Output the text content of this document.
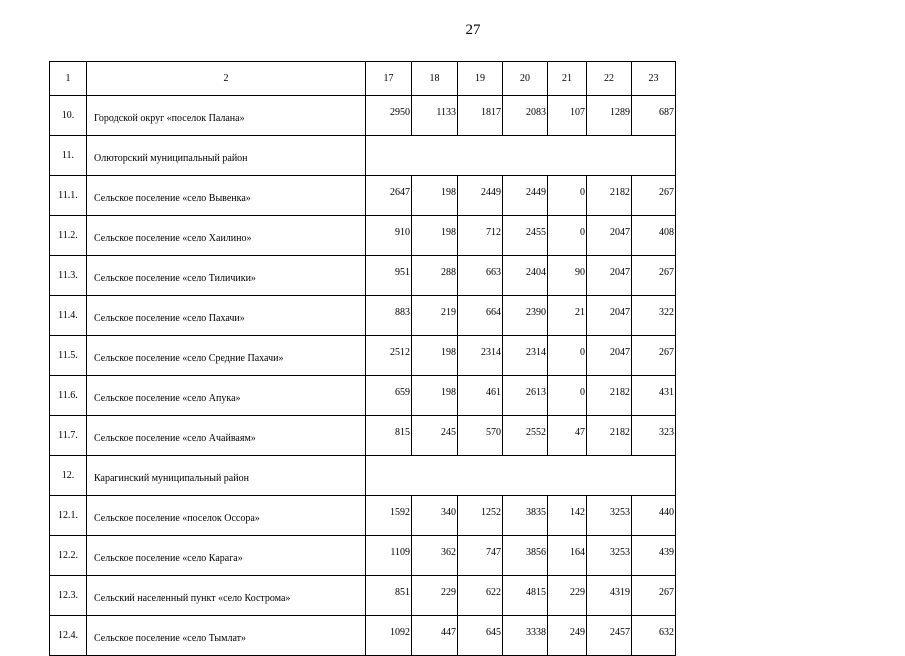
27
1	2	17	18	19	20	21	22	23
10.	Городской округ «поселок Палана»	2950	1133	1817	2083	107	1289	687
11.	Олюторский муниципальный район							
11.1.	Сельское поселение «село Вывенка»	2647	198	2449	2449	0	2182	267
11.2.	Сельское поселение «село Хаилино»	910	198	712	2455	0	2047	408
11.3.	Сельское поселение «село Тиличики»	951	288	663	2404	90	2047	267
11.4.	Сельское поселение «село Пахачи»	883	219	664	2390	21	2047	322
11.5.	Сельское поселение «село Средние Пахачи»	2512	198	2314	2314	0	2047	267
11.6.	Сельское поселение «село Апука»	659	198	461	2613	0	2182	431
11.7.	Сельское поселение «село Ачайваям»	815	245	570	2552	47	2182	323
12.	Карагинский муниципальный район							
12.1.	Сельское поселение «поселок Оссора»	1592	340	1252	3835	142	3253	440
12.2.	Сельское поселение «село Карага»	1109	362	747	3856	164	3253	439
12.3.	Сельский населенный пункт «село Кострома»	851	229	622	4815	229	4319	267
12.4.	Сельское поселение «село Тымлат»	1092	447	645	3338	249	2457	632
